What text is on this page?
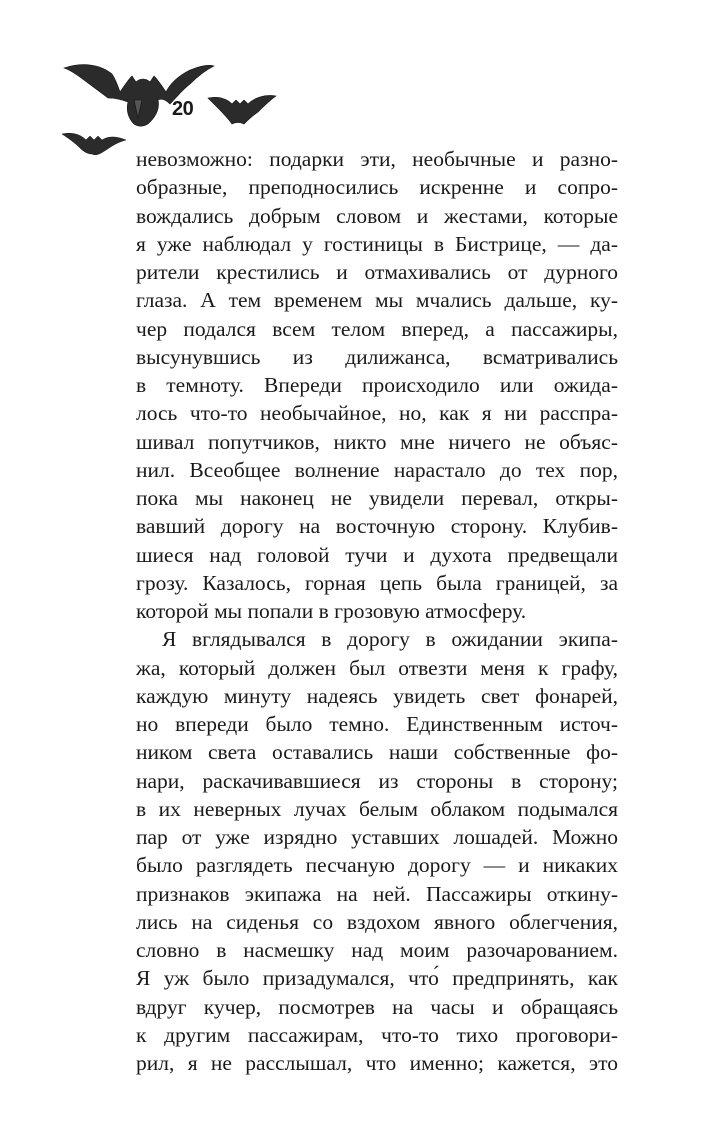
20
невозможно: подарки эти, необычные и разно-
образные, преподносились искренне и сопро-
вождались добрым словом и жестами, которые
я уже наблюдал у гостиницы в Бистрице, — да-
рители крестились и отмахивались от дурного
глаза. А тем временем мы мчались дальше, ку-
чер подался всем телом вперед, а пассажиры,
высунувшись из дилижанса, всматривались
в темноту. Впереди происходило или ожида-
лось что-то необычайное, но, как я ни расспра-
шивал попутчиков, никто мне ничего не объяс-
нил. Всеобщее волнение нарастало до тех пор,
пока мы наконец не увидели перевал, откры-
вавший дорогу на восточную сторону. Клубив-
шиеся над головой тучи и духота предвещали
грозу. Казалось, горная цепь была границей, за
которой мы попали в грозовую атмосферу.
Я вглядывался в дорогу в ожидании экипа-
жа, который должен был отвезти меня к графу,
каждую минуту надеясь увидеть свет фонарей,
но впереди было темно. Единственным источ-
ником света оставались наши собственные фо-
нари, раскачивавшиеся из стороны в сторону;
в их неверных лучах белым облаком подымался
пар от уже изрядно уставших лошадей. Можно
было разглядеть песчаную дорогу — и никаких
признаков экипажа на ней. Пассажиры откину-
лись на сиденья со вздохом явного облегчения,
словно в насмешку над моим разочарованием.
Я уж было призадумался, что́ предпринять, как
вдруг кучер, посмотрев на часы и обращаясь
к другим пассажирам, что-то тихо проговори-
рил, я не расслышал, что именно; кажется, это
